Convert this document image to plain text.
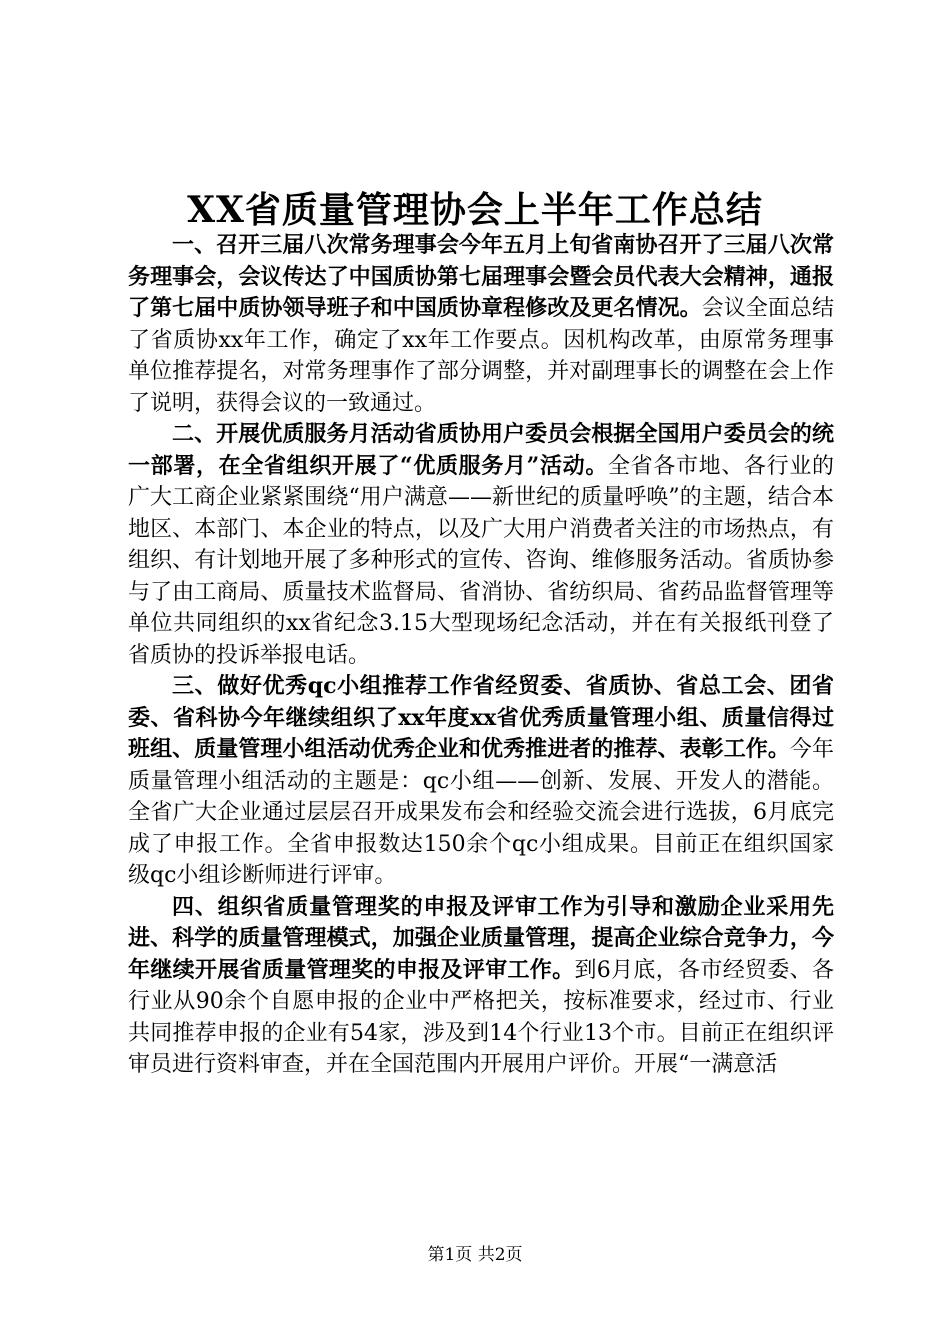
XX省质量管理协会上半年工作总结

一、召开三届八次常务理事会今年五月上旬省南协召开了三届八次常务理事会，会议传达了中国质协第七届理事会暨会员代表大会精神，通报了第七届中质协领导班子和中国质协章程修改及更名情况。会议全面总结了省质协xx年工作，确定了xx年工作要点。因机构改革，由原常务理事单位推荐提名，对常务理事作了部分调整，并对副理事长的调整在会上作了说明，获得会议的一致通过。

二、开展优质服务月活动省质协用户委员会根据全国用户委员会的统一部署，在全省组织开展了“优质服务月”活动。全省各市地、各行业的广大工商企业紧紧围绕“用户满意——新世纪的质量呼唤”的主题，结合本地区、本部门、本企业的特点，以及广大用户消费者关注的市场热点，有组织、有计划地开展了多种形式的宣传、咨询、维修服务活动。省质协参与了由工商局、质量技术监督局、省消协、省纺织局、省药品监督管理等单位共同组织的xx省纪念3.15大型现场纪念活动，并在有关报纸刊登了省质协的投诉举报电话。

三、做好优秀qc小组推荐工作省经贸委、省质协、省总工会、团省委、省科协今年继续组织了xx年度xx省优秀质量管理小组、质量信得过班组、质量管理小组活动优秀企业和优秀推进者的推荐、表彰工作。今年质量管理小组活动的主题是：qc小组——创新、发展、开发人的潜能。全省广大企业通过层层召开成果发布会和经验交流会进行选拔，6月底完成了申报工作。全省申报数达150余个qc小组成果。目前正在组织国家级qc小组诊断师进行评审。

四、组织省质量管理奖的申报及评审工作为引导和激励企业采用先进、科学的质量管理模式，加强企业质量管理，提高企业综合竞争力，今年继续开展省质量管理奖的申报及评审工作。到6月底，各市经贸委、各行业从90余个自愿申报的企业中严格把关，按标准要求，经过市、行业共同推荐申报的企业有54家，涉及到14个行业13个市。目前正在组织评审员进行资料审查，并在全国范围内开展用户评价。开展“一满意活

第1页 共2页
